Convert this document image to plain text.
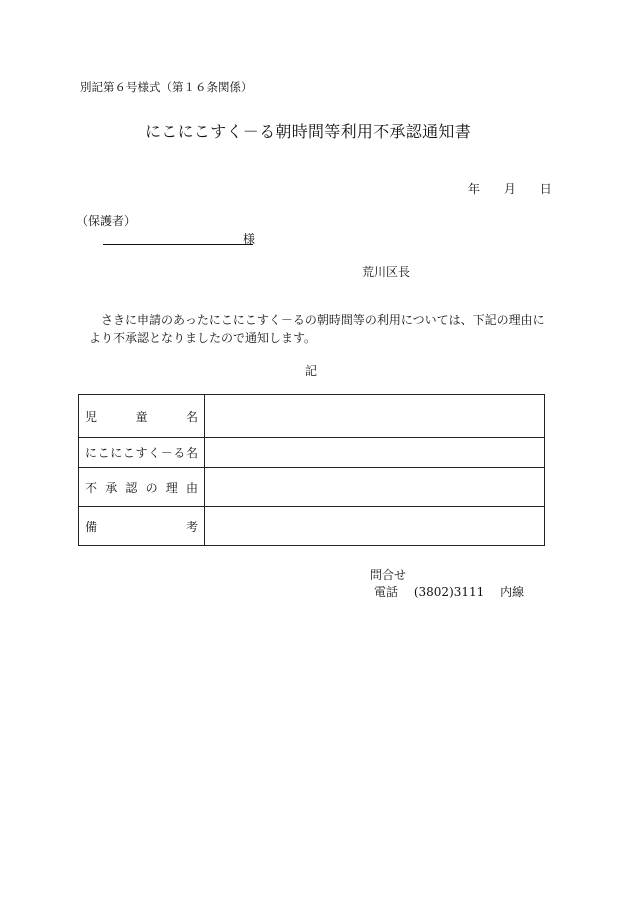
別記第６号様式（第１６条関係）
にこにこすく－る朝時間等利用不承認通知書
年 月 日
（保護者）
様
荒川区長
さきに申請のあったにこにこすく－るの朝時間等の利用については、下記の理由により不承認となりましたので通知します。
記
児　童　名	
にこにこすく－る名	
不承認の理由	
備　　考	
問合せ
電話 (3802)3111 内線
